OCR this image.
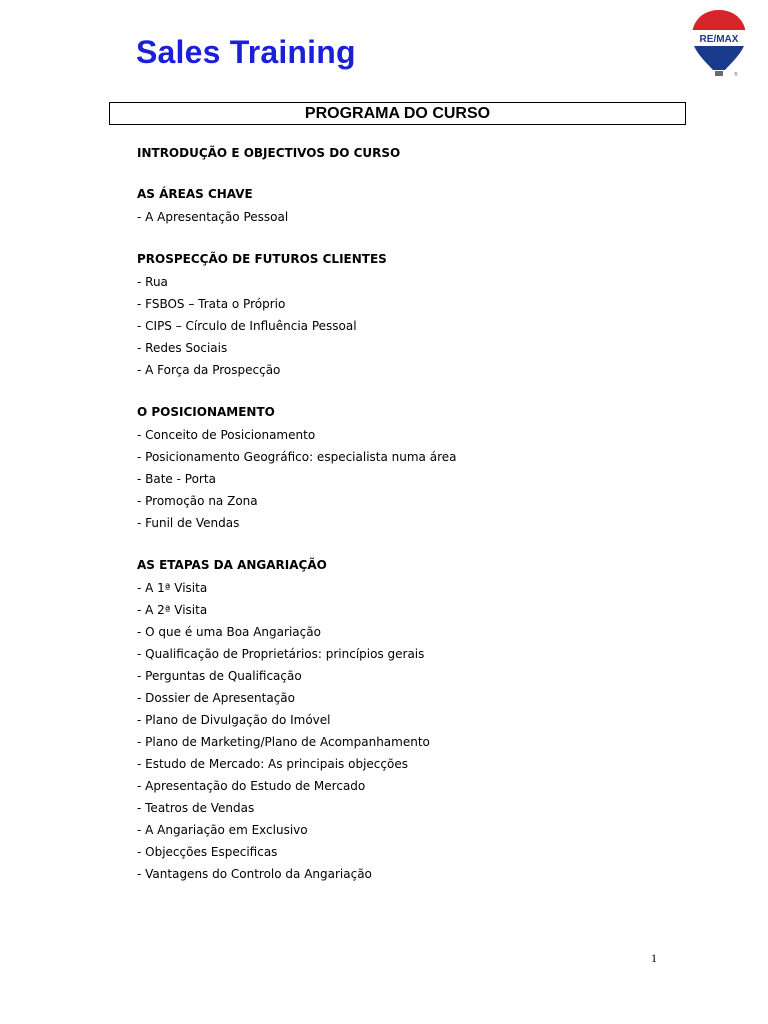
Sales Training	RE/MAX
®
PROGRAMA DO CURSO
INTRODUÇÃO E OBJECTIVOS DO CURSO
AS ÁREAS CHAVE
- A Apresentação Pessoal
PROSPECÇÃO DE FUTUROS CLIENTES
- Rua
- FSBOS – Trata o Próprio
- CIPS – Círculo de Influência Pessoal
- Redes Sociais
- A Força da Prospecção
O POSICIONAMENTO
- Conceito de Posicionamento
- Posicionamento Geográfico: especialista numa área
- Bate - Porta
- Promoção na Zona
- Funil de Vendas
AS ETAPAS DA ANGARIAÇÃO
- A 1ª Visita
- A 2ª Visita
- O que é uma Boa Angariação
- Qualificação de Proprietários: princípios gerais
- Perguntas de Qualificação
- Dossier de Apresentação
- Plano de Divulgação do Imóvel
- Plano de Marketing/Plano de Acompanhamento
- Estudo de Mercado: As principais objecções
- Apresentação do Estudo de Mercado
- Teatros de Vendas
- A Angariação em Exclusivo
- Objecções Especificas
- Vantagens do Controlo da Angariação
1
